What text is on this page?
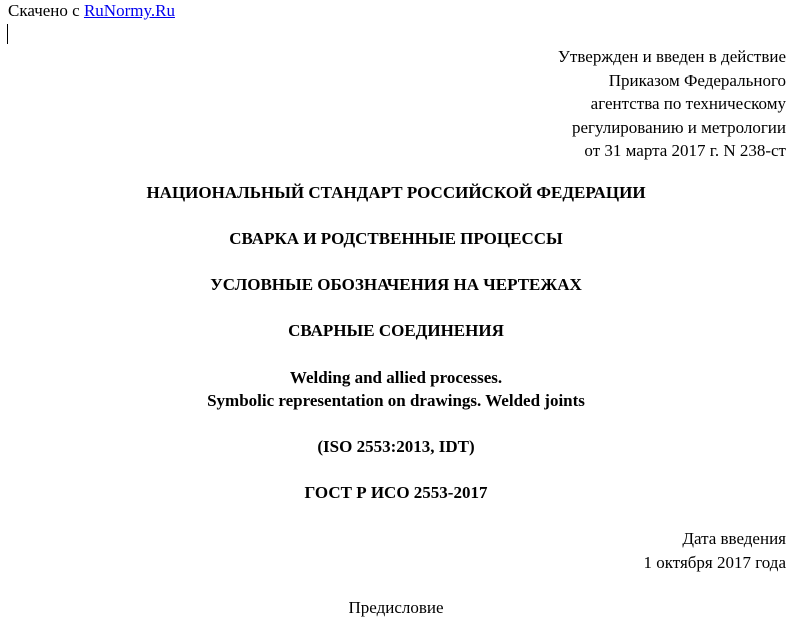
Скачено с RuNormy.Ru
Утвержден и введен в действие
Приказом Федерального
агентства по техническому
регулированию и метрологии
от 31 марта 2017 г. N 238-ст
НАЦИОНАЛЬНЫЙ СТАНДАРТ РОССИЙСКОЙ ФЕДЕРАЦИИ
СВАРКА И РОДСТВЕННЫЕ ПРОЦЕССЫ
УСЛОВНЫЕ ОБОЗНАЧЕНИЯ НА ЧЕРТЕЖАХ
СВАРНЫЕ СОЕДИНЕНИЯ
Welding and allied processes.
Symbolic representation on drawings. Welded joints
(ISO 2553:2013, IDT)
ГОСТ Р ИСО 2553-2017
Дата введения
1 октября 2017 года
Предисловие
